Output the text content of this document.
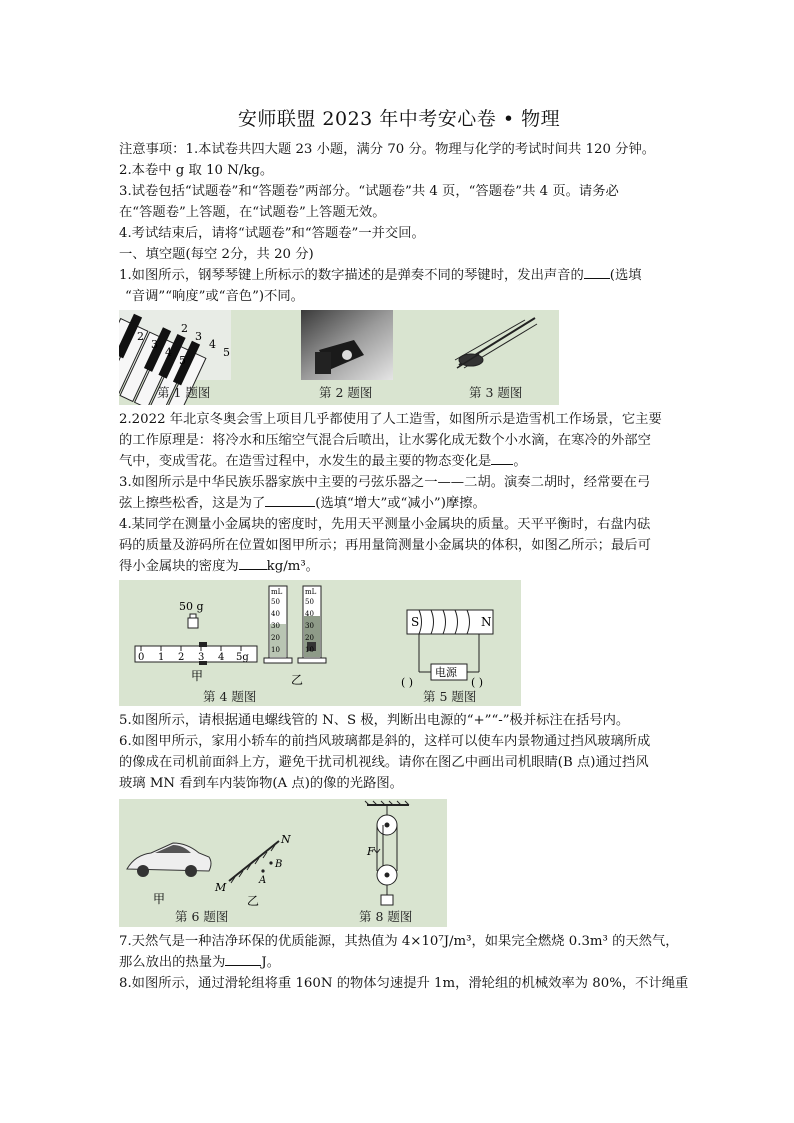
安师联盟 2023 年中考安心卷 • 物理

注意事项：1.本试卷共四大题 23 小题，满分 70 分。物理与化学的考试时间共 120 分钟。

2.本卷中 g 取 10 N/kg。

3.试卷包括“试题卷”和“答题卷”两部分。“试题卷”共 4 页，“答题卷”共 4 页。请务必

在“答题卷”上答题，在“试题卷”上答题无效。

4.考试结束后，请将“试题卷”和“答题卷”一并交回。

一、填空题(每空 2分，共 20 分)

1.如图所示，钢琴琴键上所标示的数字描述的是弹奏不同的琴键时，发出声音的 (选填

“音调”“响度”或“音色”)不同。

2
3
4
5
2
3
4
5
第 1 题图	第 2 题图	第 3 题图

2.2022 年北京冬奥会雪上项目几乎都使用了人工造雪，如图所示是造雪机工作场景，它主要

的工作原理是：将冷水和压缩空气混合后喷出，让水雾化成无数个小水滴，在寒冷的外部空

气中，变成雪花。在造雪过程中，水发生的最主要的物态变化是 。

3.如图所示是中华民族乐器家族中主要的弓弦乐器之一——二胡。演奏二胡时，经常要在弓

弦上擦些松香，这是为了	(选填“增大”或“减小”)摩擦。

4.某同学在测量小金属块的密度时，先用天平测量小金属块的质量。天平平衡时，右盘内砝

码的质量及游码所在位置如图甲所示；再用量筒测量小金属块的体积，如图乙所示；最后可

得小金属块的密度为 kg/m³。

50 g
0 1 2 3 4 5g
mL
50
40
30
20
10
mL
50
40
30
20
10
甲	乙
S	N
电源
( )	( )
第 4 题图	第 5 题图

5.如图所示，请根据通电螺线管的 N、S 极，判断出电源的“+”“-”极并标注在括号内。

6.如图甲所示，家用小轿车的前挡风玻璃都是斜的，这样可以使车内景物通过挡风玻璃所成

的像成在司机前面斜上方，避免干扰司机视线。请你在图乙中画出司机眼睛(B 点)通过挡风

玻璃 MN 看到车内装饰物(A 点)的像的光路图。

甲
N
M
A
B
乙
F
第 6 题图	第 8 题图

7.天然气是一种洁净环保的优质能源，其热值为 4×10⁷J/m³，如果完全燃烧 0.3m³ 的天然气，

那么放出的热量为	J。

8.如图所示，通过滑轮组将重 160N 的物体匀速提升 1m，滑轮组的机械效率为 80%，不计绳重
